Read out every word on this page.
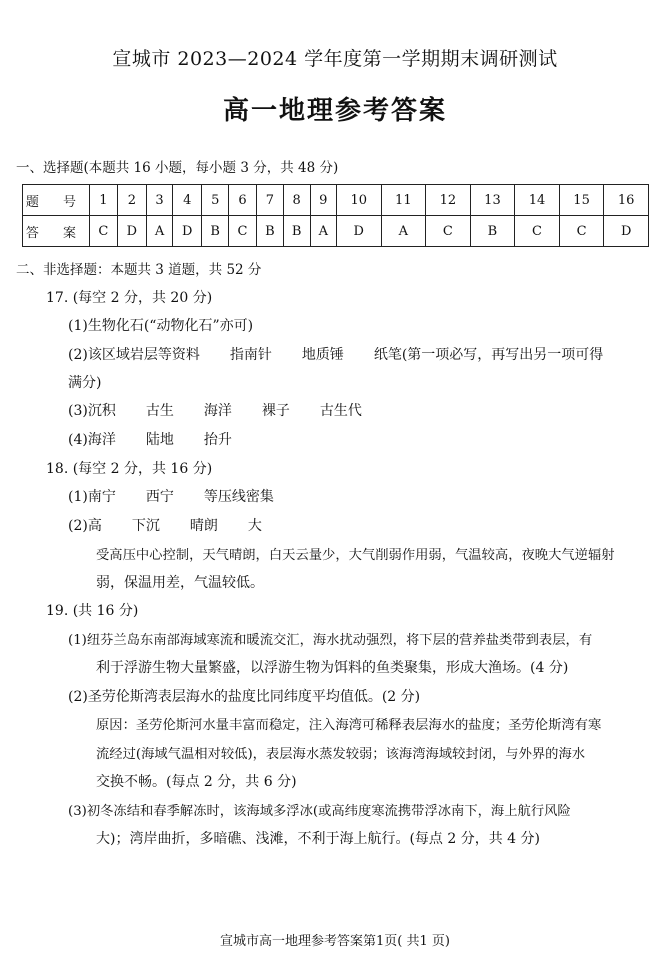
宣城市 2023—2024 学年度第一学期期末调研测试
高一地理参考答案
一、选择题(本题共 16 小题，每小题 3 分，共 48 分)
题 号	1	2	3	4	5	6	7	8	9	10	11	12	13	14	15	16
答 案	C	D	A	D	B	C	B	B	A	D	A	C	B	C	C	D
二、非选择题：本题共 3 道题，共 52 分
17. (每空 2 分，共 20 分)
(1)生物化石(“动物化石”亦可)
(2)该区域岩层等资料 指南针 地质锤 纸笔(第一项必写，再写出另一项可得
满分)
(3)沉积 古生 海洋 裸子 古生代
(4)海洋 陆地 抬升
18. (每空 2 分，共 16 分)
(1)南宁 西宁 等压线密集
(2)高 下沉 晴朗 大
受高压中心控制，天气晴朗，白天云量少，大气削弱作用弱，气温较高，夜晚大气逆辐射
弱，保温用差，气温较低。
19. (共 16 分)
(1)纽芬兰岛东南部海域寒流和暖流交汇，海水扰动强烈，将下层的营养盐类带到表层，有
利于浮游生物大量繁盛，以浮游生物为饵料的鱼类聚集，形成大渔场。(4 分)
(2)圣劳伦斯湾表层海水的盐度比同纬度平均值低。(2 分)
原因：圣劳伦斯河水量丰富而稳定，注入海湾可稀释表层海水的盐度；圣劳伦斯湾有寒
流经过(海域气温相对较低)，表层海水蒸发较弱；该海湾海域较封闭，与外界的海水
交换不畅。(每点 2 分，共 6 分)
(3)初冬冻结和春季解冻时，该海域多浮冰(或高纬度寒流携带浮冰南下，海上航行风险
大)；湾岸曲折，多暗礁、浅滩，不利于海上航行。(每点 2 分，共 4 分)
宣城市高一地理参考答案第1页( 共1 页)
